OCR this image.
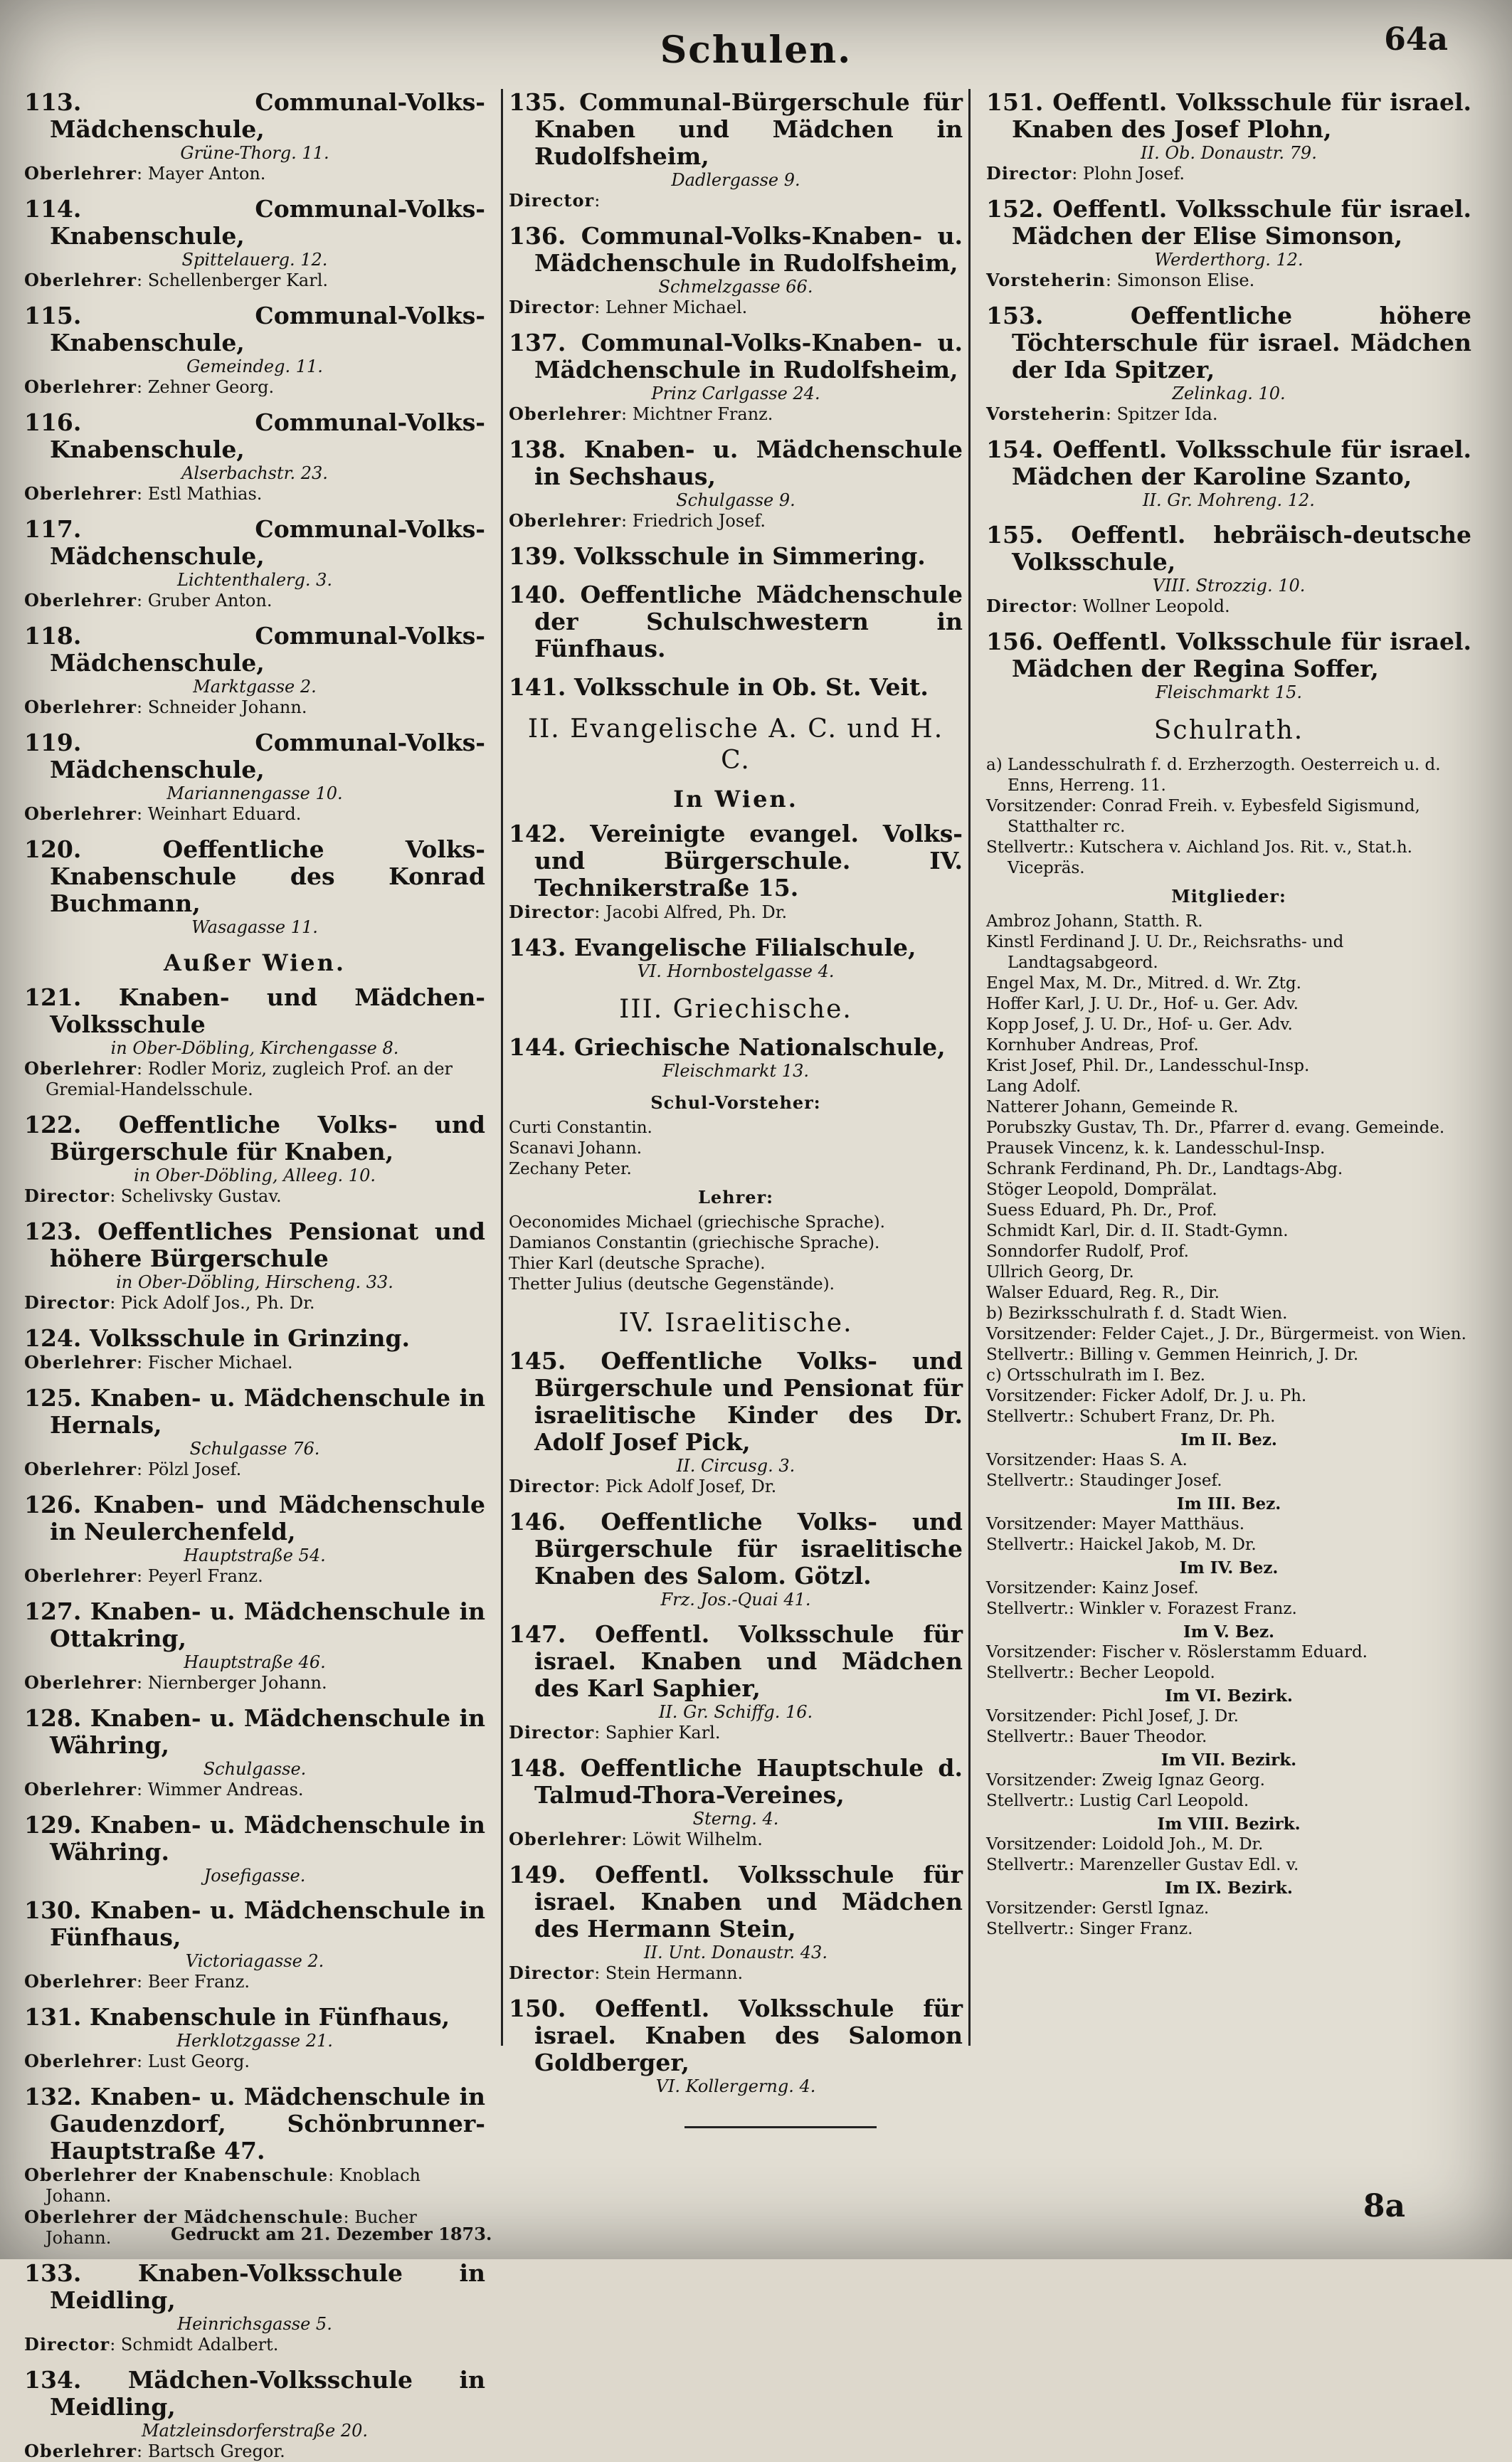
Schulen.	64a
113. Communal-Volks-Mädchenschule,
Grüne-Thorg. 11.
Oberlehrer: Mayer Anton.
114. Communal-Volks-Knabenschule,
Spittelauerg. 12.
Oberlehrer: Schellenberger Karl.
115. Communal-Volks-Knabenschule,
Gemeindeg. 11.
Oberlehrer: Zehner Georg.
116. Communal-Volks-Knabenschule,
Alserbachstr. 23.
Oberlehrer: Estl Mathias.
117. Communal-Volks-Mädchenschule,
Lichtenthalerg. 3.
Oberlehrer: Gruber Anton.
118. Communal-Volks-Mädchenschule,
Marktgasse 2.
Oberlehrer: Schneider Johann.
119. Communal-Volks-Mädchenschule,
Mariannengasse 10.
Oberlehrer: Weinhart Eduard.
120. Oeffentliche Volks-Knabenschule des Konrad Buchmann,
Wasagasse 11.
Außer Wien.
121. Knaben- und Mädchen-Volksschule
in Ober-Döbling, Kirchengasse 8.
Oberlehrer: Rodler Moriz, zugleich Prof. an der Gremial-Handelsschule.
122. Oeffentliche Volks- und Bürgerschule für Knaben,
in Ober-Döbling, Alleeg. 10.
Director: Schelivsky Gustav.
123. Oeffentliches Pensionat und höhere Bürgerschule
in Ober-Döbling, Hirscheng. 33.
Director: Pick Adolf Jos., Ph. Dr.
124. Volksschule in Grinzing.
Oberlehrer: Fischer Michael.
125. Knaben- u. Mädchenschule in Hernals,
Schulgasse 76.
Oberlehrer: Pölzl Josef.
126. Knaben- und Mädchenschule in Neulerchenfeld,
Hauptstraße 54.
Oberlehrer: Peyerl Franz.
127. Knaben- u. Mädchenschule in Ottakring,
Hauptstraße 46.
Oberlehrer: Niernberger Johann.
128. Knaben- u. Mädchenschule in Währing,
Schulgasse.
Oberlehrer: Wimmer Andreas.
129. Knaben- u. Mädchenschule in Währing.
Josefigasse.
130. Knaben- u. Mädchenschule in Fünfhaus,
Victoriagasse 2.
Oberlehrer: Beer Franz.
131. Knabenschule in Fünfhaus,
Herklotzgasse 21.
Oberlehrer: Lust Georg.
132. Knaben- u. Mädchenschule in Gaudenzdorf, Schönbrunner-Hauptstraße 47.
Oberlehrer der Knabenschule: Knoblach Johann.
Oberlehrer der Mädchenschule: Bucher Johann.
133. Knaben-Volksschule in Meidling,
Heinrichsgasse 5.
Director: Schmidt Adalbert.
134. Mädchen-Volksschule in Meidling,
Matzleinsdorferstraße 20.
Oberlehrer: Bartsch Gregor.
135. Communal-Bürgerschule für Knaben und Mädchen in Rudolfsheim,
Dadlergasse 9.
Director:
136. Communal-Volks-Knaben- u. Mädchenschule in Rudolfsheim,
Schmelzgasse 66.
Director: Lehner Michael.
137. Communal-Volks-Knaben- u. Mädchenschule in Rudolfsheim,
Prinz Carlgasse 24.
Oberlehrer: Michtner Franz.
138. Knaben- u. Mädchenschule in Sechshaus,
Schulgasse 9.
Oberlehrer: Friedrich Josef.
139. Volksschule in Simmering.
140. Oeffentliche Mädchenschule der Schulschwestern in Fünfhaus.
141. Volksschule in Ob. St. Veit.
II. Evangelische A. C. und H. C.
In Wien.
142. Vereinigte evangel. Volks- und Bürgerschule. IV. Technikerstraße 15.
Director: Jacobi Alfred, Ph. Dr.
143. Evangelische Filialschule,
VI. Hornbostelgasse 4.
III. Griechische.
144. Griechische Nationalschule,
Fleischmarkt 13.
Schul-Vorsteher:
Curti Constantin.
Scanavi Johann.
Zechany Peter.
Lehrer:
Oeconomides Michael (griechische Sprache).
Damianos Constantin (griechische Sprache).
Thier Karl (deutsche Sprache).
Thetter Julius (deutsche Gegenstände).
IV. Israelitische.
145. Oeffentliche Volks- und Bürgerschule und Pensionat für israelitische Kinder des Dr. Adolf Josef Pick,
II. Circusg. 3.
Director: Pick Adolf Josef, Dr.
146. Oeffentliche Volks- und Bürgerschule für israelitische Knaben des Salom. Götzl.
Frz. Jos.-Quai 41.
147. Oeffentl. Volksschule für israel. Knaben und Mädchen des Karl Saphier,
II. Gr. Schiffg. 16.
Director: Saphier Karl.
148. Oeffentliche Hauptschule d. Talmud-Thora-Vereines,
Sterng. 4.
Oberlehrer: Löwit Wilhelm.
149. Oeffentl. Volksschule für israel. Knaben und Mädchen des Hermann Stein,
II. Unt. Donaustr. 43.
Director: Stein Hermann.
150. Oeffentl. Volksschule für israel. Knaben des Salomon Goldberger,
VI. Kollergerng. 4.
151. Oeffentl. Volksschule für israel. Knaben des Josef Plohn,
II. Ob. Donaustr. 79.
Director: Plohn Josef.
152. Oeffentl. Volksschule für israel. Mädchen der Elise Simonson,
Werderthorg. 12.
Vorsteherin: Simonson Elise.
153. Oeffentliche höhere Töchterschule für israel. Mädchen der Ida Spitzer,
Zelinkag. 10.
Vorsteherin: Spitzer Ida.
154. Oeffentl. Volksschule für israel. Mädchen der Karoline Szanto,
II. Gr. Mohreng. 12.
155. Oeffentl. hebräisch-deutsche Volksschule,
VIII. Strozzig. 10.
Director: Wollner Leopold.
156. Oeffentl. Volksschule für israel. Mädchen der Regina Soffer,
Fleischmarkt 15.
Schulrath.
a) Landesschulrath f. d. Erzherzogth. Oesterreich u. d. Enns, Herreng. 11.
Vorsitzender: Conrad Freih. v. Eybesfeld Sigismund, Statthalter rc.
Stellvertr.: Kutschera v. Aichland Jos. Rit. v., Stat.h. Vicepräs.
Mitglieder:
Ambroz Johann, Statth. R.
Kinstl Ferdinand J. U. Dr., Reichsraths- und Landtagsabgeord.
Engel Max, M. Dr., Mitred. d. Wr. Ztg.
Hoffer Karl, J. U. Dr., Hof- u. Ger. Adv.
Kopp Josef, J. U. Dr., Hof- u. Ger. Adv.
Kornhuber Andreas, Prof.
Krist Josef, Phil. Dr., Landesschul-Insp.
Lang Adolf.
Natterer Johann, Gemeinde R.
Porubszky Gustav, Th. Dr., Pfarrer d. evang. Gemeinde.
Prausek Vincenz, k. k. Landesschul-Insp.
Schrank Ferdinand, Ph. Dr., Landtags-Abg.
Stöger Leopold, Domprälat.
Suess Eduard, Ph. Dr., Prof.
Schmidt Karl, Dir. d. II. Stadt-Gymn.
Sonndorfer Rudolf, Prof.
Ullrich Georg, Dr.
Walser Eduard, Reg. R., Dir.
b) Bezirksschulrath f. d. Stadt Wien.
Vorsitzender: Felder Cajet., J. Dr., Bürgermeist. von Wien.
Stellvertr.: Billing v. Gemmen Heinrich, J. Dr.
c) Ortsschulrath im I. Bez.
Vorsitzender: Ficker Adolf, Dr. J. u. Ph.
Stellvertr.: Schubert Franz, Dr. Ph.
Im II. Bez.
Vorsitzender: Haas S. A.
Stellvertr.: Staudinger Josef.
Im III. Bez.
Vorsitzender: Mayer Matthäus.
Stellvertr.: Haickel Jakob, M. Dr.
Im IV. Bez.
Vorsitzender: Kainz Josef.
Stellvertr.: Winkler v. Forazest Franz.
Im V. Bez.
Vorsitzender: Fischer v. Röslerstamm Eduard.
Stellvertr.: Becher Leopold.
Im VI. Bezirk.
Vorsitzender: Pichl Josef, J. Dr.
Stellvertr.: Bauer Theodor.
Im VII. Bezirk.
Vorsitzender: Zweig Ignaz Georg.
Stellvertr.: Lustig Carl Leopold.
Im VIII. Bezirk.
Vorsitzender: Loidold Joh., M. Dr.
Stellvertr.: Marenzeller Gustav Edl. v.
Im IX. Bezirk.
Vorsitzender: Gerstl Ignaz.
Stellvertr.: Singer Franz.
8a
Gedruckt am 21. Dezember 1873.
